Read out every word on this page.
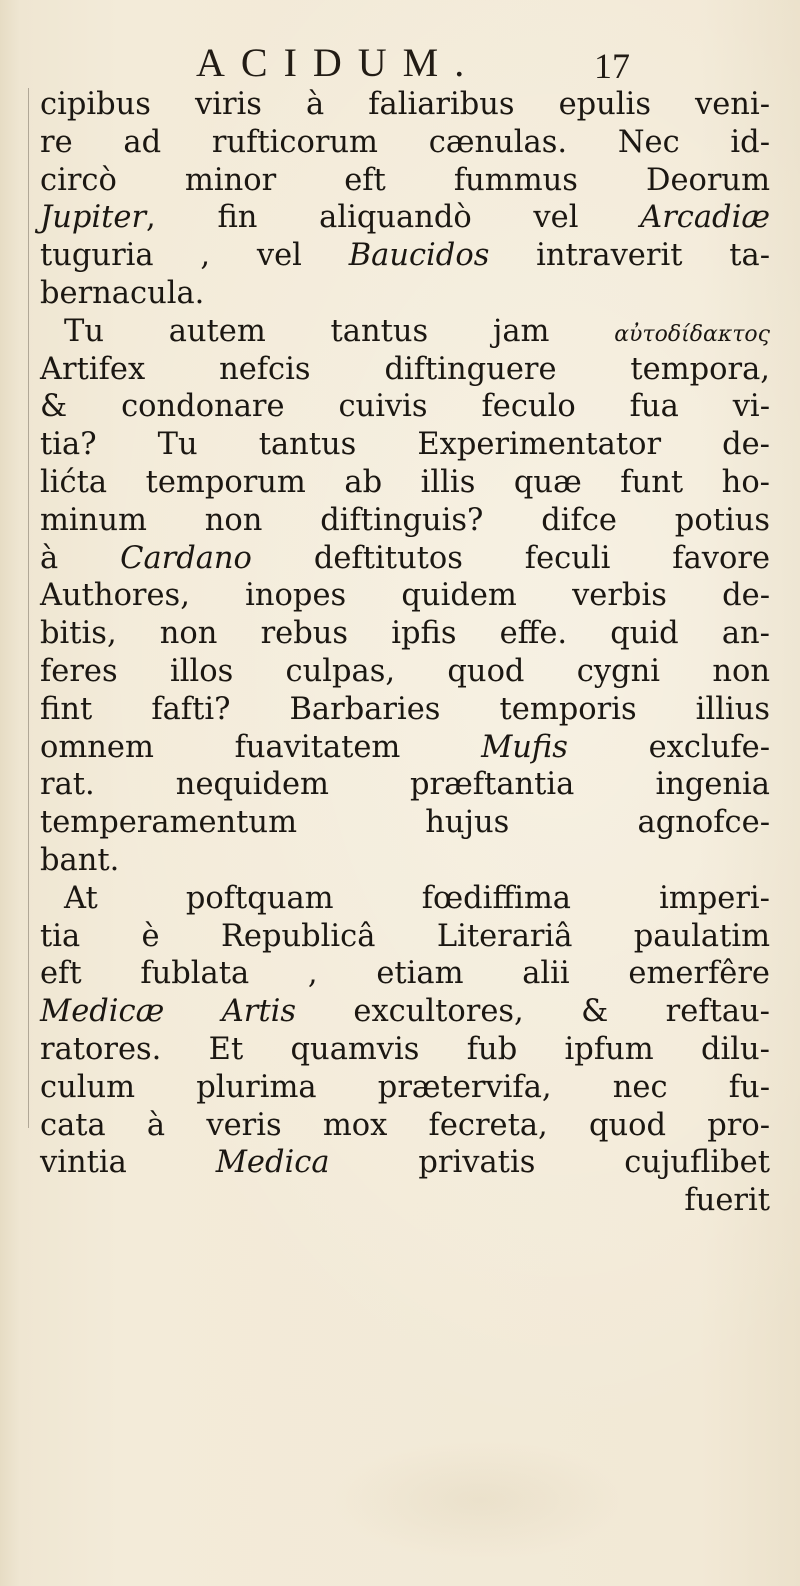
ACIDUM.	17
cipibus viris à faliaribus epulis veni-
re ad rufticorum cænulas. Nec id-
circò minor eft fummus Deorum
Jupiter, fin aliquandò vel Arcadiæ
tuguria , vel Baucidos intraverit ta-
bernacula.
Tu autem tantus jam αὐτοδίδακτος
Artifex nefcis diftinguere tempora,
& condonare cuivis feculo fua vi-
tia? Tu tantus Experimentator de-
lićta temporum ab illis quæ funt ho-
minum non diftinguis? difce potius
à Cardano deftitutos feculi favore
Authores, inopes quidem verbis de-
bitis, non rebus ipfis effe. quid an-
feres illos culpas, quod cygni non
fint fafti? Barbaries temporis illius
omnem fuavitatem Mufis exclufe-
rat. nequidem præftantia ingenia
temperamentum hujus agnofce-
bant.
At poftquam fœdiffima imperi-
tia è Republicâ Literariâ paulatim
eft fublata , etiam alii emerfêre
Medicæ Artis excultores, & reftau-
ratores. Et quamvis fub ipfum dilu-
culum plurima prætervifa, nec fu-
cata à veris mox fecreta, quod pro-
vintia Medica privatis cujuflibet
fuerit
